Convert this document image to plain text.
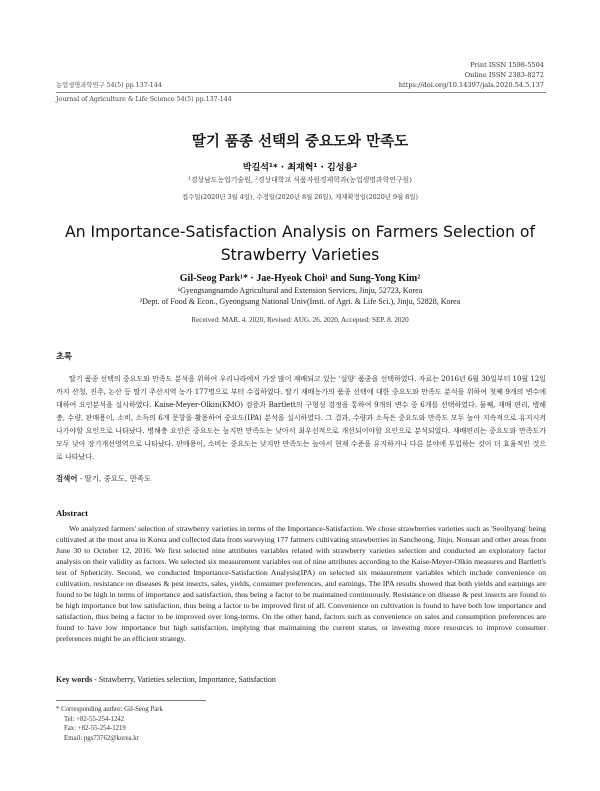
Print ISSN 1598-5504
Online ISSN 2383-8272
https://doi.org/10.14397/jals.2020.54.5.137
농업생명과학연구 54(5) pp.137-144
Journal of Agriculture & Life Science 54(5) pp.137-144
딸기 품종 선택의 중요도와 만족도
박길석¹* · 최재혁¹ · 김성용²
¹경상남도농업기술원, ²경상대학교 식품자원경제학과(농업생명과학연구원)
접수일(2020년 3월 4일), 수정일(2020년 8월 26일), 게재확정일(2020년 9월 8일)
An Importance-Satisfaction Analysis on Farmers Selection of Strawberry Varieties
Gil-Seog Park¹* · Jae-Hyeok Choi¹ and Sung-Yong Kim²
¹Gyengsangnamdo Agricultural and Extension Services, Jinju, 52723, Korea
²Dept. of Food & Econ., Gyeongsang National Univ(Insti. of Agri. & Life Sci.), Jinju, 52828, Korea
Received: MAR. 4. 2020, Revised: AUG. 26. 2020, Accepted: SEP. 8. 2020
초록
딸기 품종 선택의 중요도와 만족도 분석을 위하여 우리나라에서 가장 많이 재배되고 있는 '설향' 품종을 선택하였다. 자료는 2016년 6월 30일부터 10월 12일까지 산청, 진주, 논산 등 딸기 주산지역 농가 177명으로 부터 수집하였다. 딸기 재배농가의 품종 선택에 대한 중요도와 만족도 분석을 위하여 첫째 9개의 변수에 대하여 요인분석을 실시하였다. Kaise-Meyer-Olkin(KMO) 검증과 Bartlett의 구형성 검정을 통하여 9개의 변수 중 6개를 선택하였다. 둘째, 재배 편리, 병해충, 수량, 판매용이, 소비, 소득의 6개 문항을 활용하여 중요도(IPA) 분석을 실시하였다. 그 결과, 수량과 소득은 중요도와 만족도 모두 높아 지속적으로 유지시켜 나가야할 요인으로 나타났다. 병해충 요인은 중요도는 높지만 만족도는 낮아서 최우선적으로 개선되어야할 요인으로 분석되었다. 재배편리는 중요도와 만족도가 모두 낮아 장기개선영역으로 나타났다. 판매용이, 소비는 중요도는 낮지만 만족도는 높아서 현재 수준을 유지하거나 다른 분야에 투입하는 것이 더 효율적인 것으로 나타났다.
검색어 - 딸기, 중요도, 만족도
Abstract
We analyzed farmers' selection of strawberry varieties in terms of the Importance-Satisfaction. We chose strawberries varieties such as 'Seolhyang' being cultivated at the most area in Korea and collected data from surveying 177 farmers cultivating strawberries in Sancheong, Jinju, Nonsan and other areas from June 30 to October 12, 2016. We first selected nine attributes variables related with strawberry varieties selection and conducted an exploratory factor analysis on their validity as factors. We selected six measurement variables out of nine attributes according to the Kaise-Meyer-Olkin measures and Bartlett's test of Sphericity. Second, we conducted Importance-Satisfaction Analysis(IPA) on selected six measurement variables which include convenience on cultivation, resistance on diseases & pest insects, sales, yields, consumer preferences, and earnings. The IPA results showed that both yields and earnings are found to be high in terms of importance and satisfaction, thus being a factor to be maintained continuously. Resistance on disease & pest insects are found to be high importance but low satisfaction, thus being a factor to be improved first of all. Convenience on cultivation is found to have both low importance and satisfaction, thus being a factor to be improved over long-terms. On the other hand, factors such as convenience on sales and consumption preferences are found to have low importance but high satisfaction, implying that maintaining the current status, or investing more resources to improve consumer preferences might be an efficient strategy.
Key words - Strawberry, Varieties selection, Importance, Satisfaction
* Corresponding author: Gil-Seog Park
Tel: +82-55-254-1242
Fax: +82-55-254-1219
Email: pgs73762@korea.kr
